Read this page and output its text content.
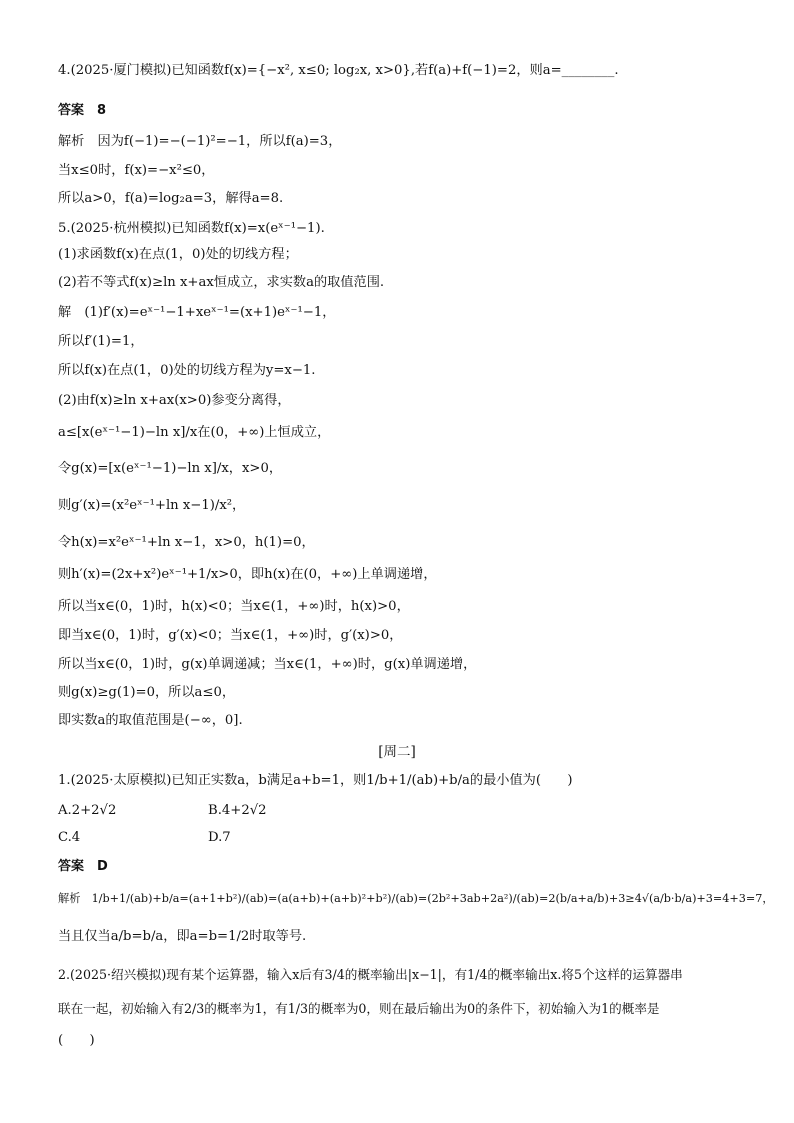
4.(2025·厦门模拟)已知函数f(x)={−x², x≤0; log₂x, x>0},若f(a)+f(−1)=2，则a=________.
答案　8
解析　因为f(−1)=−(−1)²=−1，所以f(a)=3，
当x≤0时，f(x)=−x²≤0，
所以a>0，f(a)=log₂a=3，解得a=8.
5.(2025·杭州模拟)已知函数f(x)=x(eˣ⁻¹−1).
(1)求函数f(x)在点(1，0)处的切线方程；
(2)若不等式f(x)≥ln x+ax恒成立，求实数a的取值范围.
解　(1)f′(x)=eˣ⁻¹−1+xeˣ⁻¹=(x+1)eˣ⁻¹−1，
所以f′(1)=1，
所以f(x)在点(1，0)处的切线方程为y=x−1.
(2)由f(x)≥ln x+ax(x>0)参变分离得，
a≤[x(eˣ⁻¹−1)−ln x]/x在(0，+∞)上恒成立，
令g(x)=[x(eˣ⁻¹−1)−ln x]/x，x>0，
则g′(x)=(x²eˣ⁻¹+ln x−1)/x²，
令h(x)=x²eˣ⁻¹+ln x−1，x>0，h(1)=0，
则h′(x)=(2x+x²)eˣ⁻¹+1/x>0，即h(x)在(0，+∞)上单调递增，
所以当x∈(0，1)时，h(x)<0；当x∈(1，+∞)时，h(x)>0，
即当x∈(0，1)时，g′(x)<0；当x∈(1，+∞)时，g′(x)>0，
所以当x∈(0，1)时，g(x)单调递减；当x∈(1，+∞)时，g(x)单调递增，
则g(x)≥g(1)=0，所以a≤0，
即实数a的取值范围是(−∞，0].
[周二]
1.(2025·太原模拟)已知正实数a，b满足a+b=1，则1/b+1/(ab)+b/a的最小值为(　　)
A.2+2√2	B.4+2√2
C.4	D.7
答案　D
解析　1/b+1/(ab)+b/a=(a+1+b²)/(ab)=(a(a+b)+(a+b)²+b²)/(ab)=(2b²+3ab+2a²)/(ab)=2(b/a+a/b)+3≥4√(a/b·b/a)+3=4+3=7，
当且仅当a/b=b/a，即a=b=1/2时取等号.
2.(2025·绍兴模拟)现有某个运算器，输入x后有3/4的概率输出|x−1|，有1/4的概率输出x.将5个这样的运算器串
联在一起，初始输入有2/3的概率为1，有1/3的概率为0，则在最后输出为0的条件下，初始输入为1的概率是
(　　)
